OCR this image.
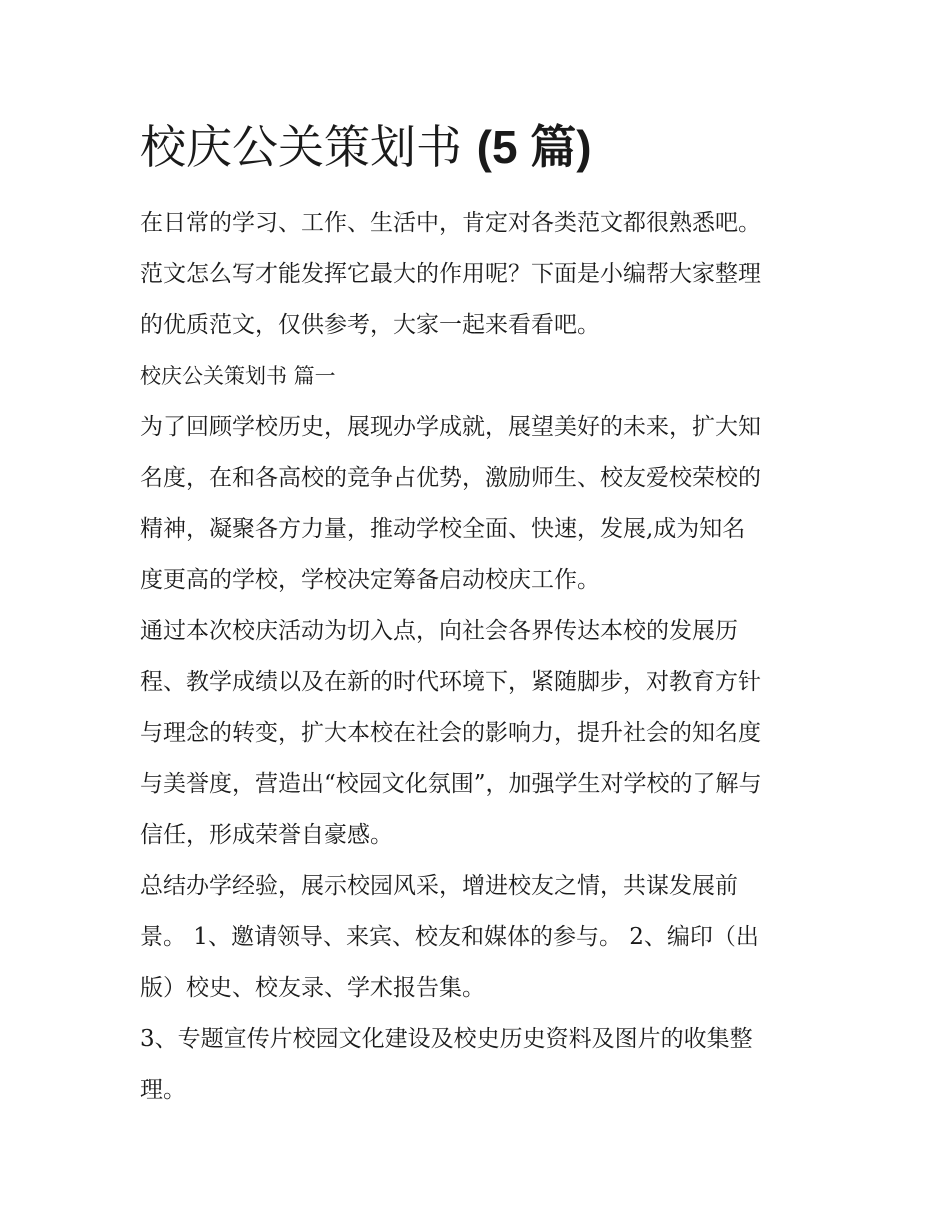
校庆公关策划书 (5 篇)

在日常的学习、工作、生活中，肯定对各类范文都很熟悉吧。
范文怎么写才能发挥它最大的作用呢？下面是小编帮大家整理
的优质范文，仅供参考，大家一起来看看吧。

校庆公关策划书 篇一

为了回顾学校历史，展现办学成就，展望美好的未来，扩大知
名度，在和各高校的竞争占优势，激励师生、校友爱校荣校的
精神，凝聚各方力量，推动学校全面、快速，发展,成为知名
度更高的学校，学校决定筹备启动校庆工作。

通过本次校庆活动为切入点，向社会各界传达本校的发展历
程、教学成绩以及在新的时代环境下，紧随脚步，对教育方针
与理念的转变，扩大本校在社会的影响力，提升社会的知名度
与美誉度，营造出“校园文化氛围”，加强学生对学校的了解与
信任，形成荣誉自豪感。

总结办学经验，展示校园风采，增进校友之情，共谋发展前
景。 1、邀请领导、来宾、校友和媒体的参与。 2、编印（出
版）校史、校友录、学术报告集。

3、专题宣传片校园文化建设及校史历史资料及图片的收集整
理。
